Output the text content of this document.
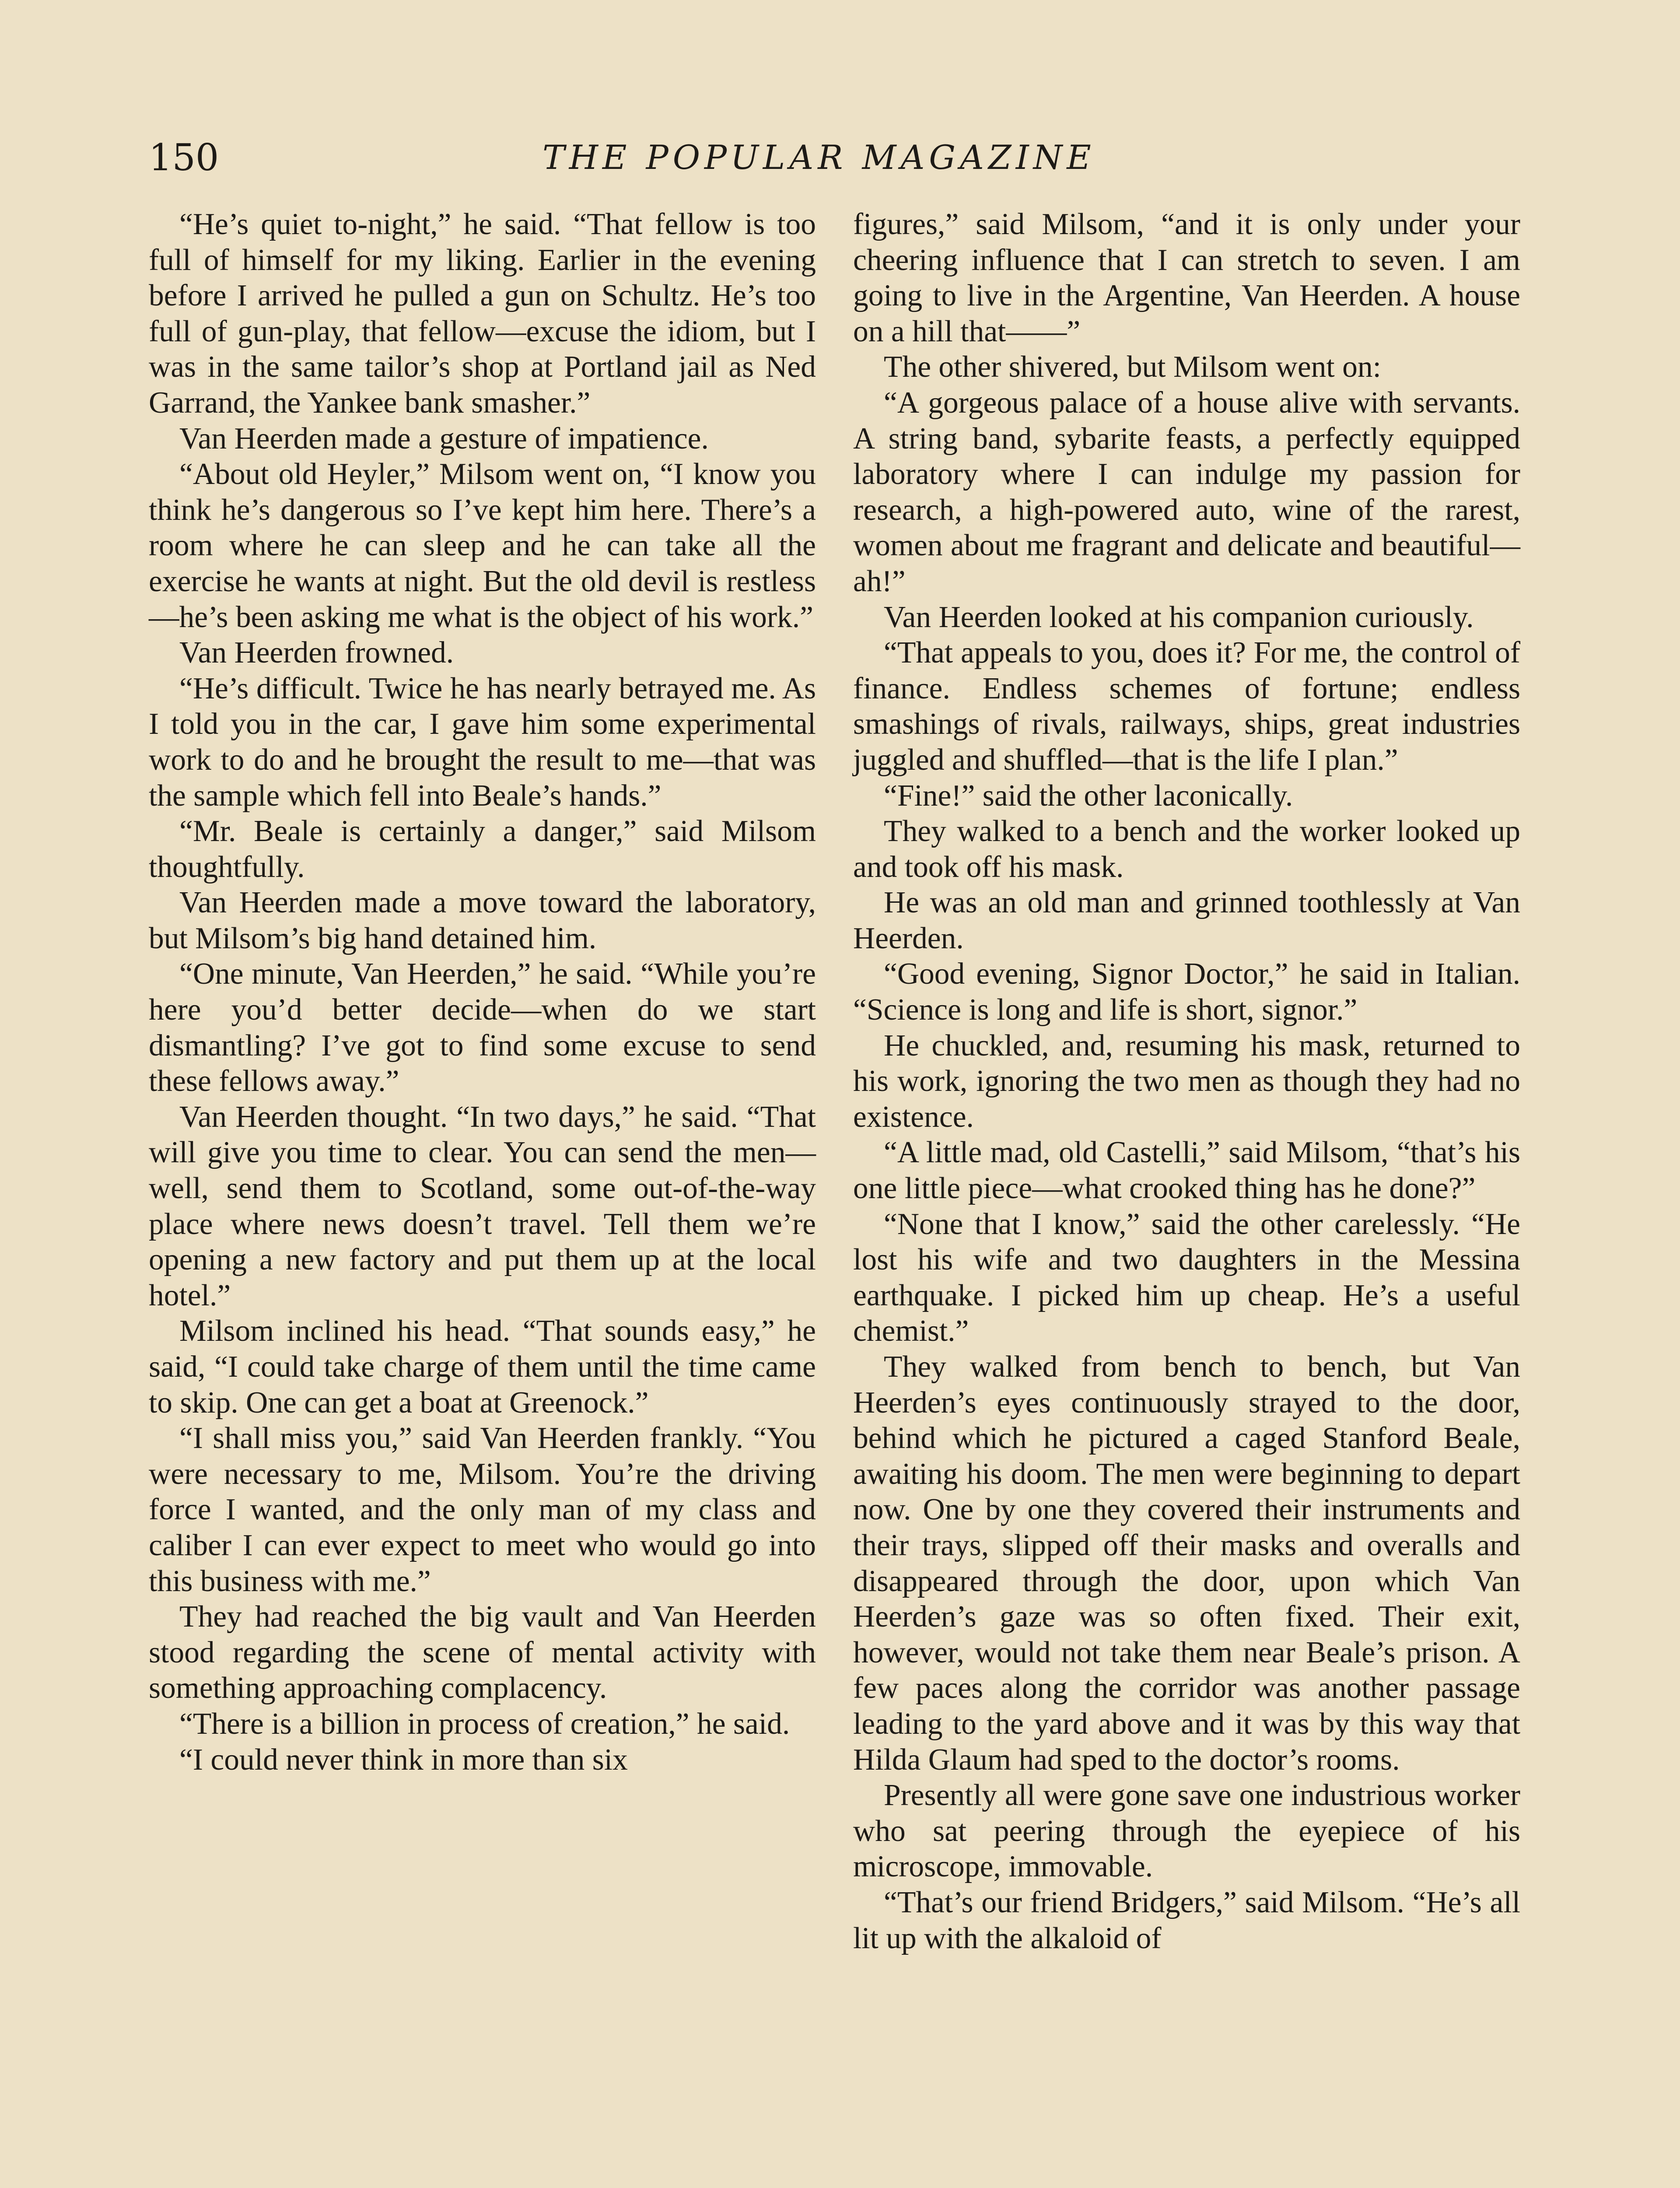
150	THE POPULAR MAGAZINE

“He’s quiet to-night,” he said. “That fellow is too full of himself for my liking. Earlier in the evening before I arrived he pulled a gun on Schultz. He’s too full of gun-play, that fellow—excuse the idiom, but I was in the same tailor’s shop at Portland jail as Ned Garrand, the Yankee bank smasher.”

Van Heerden made a gesture of impatience.

“About old Heyler,” Milsom went on, “I know you think he’s dangerous so I’ve kept him here. There’s a room where he can sleep and he can take all the exercise he wants at night. But the old devil is restless—he’s been asking me what is the object of his work.”

Van Heerden frowned.

“He’s difficult. Twice he has nearly betrayed me. As I told you in the car, I gave him some experimental work to do and he brought the result to me—that was the sample which fell into Beale’s hands.”

“Mr. Beale is certainly a danger,” said Milsom thoughtfully.

Van Heerden made a move toward the laboratory, but Milsom’s big hand detained him.

“One minute, Van Heerden,” he said. “While you’re here you’d better decide—when do we start dismantling? I’ve got to find some excuse to send these fellows away.”

Van Heerden thought. “In two days,” he said. “That will give you time to clear. You can send the men—well, send them to Scotland, some out-of-the-way place where news doesn’t travel. Tell them we’re opening a new factory and put them up at the local hotel.”

Milsom inclined his head. “That sounds easy,” he said, “I could take charge of them until the time came to skip. One can get a boat at Greenock.”

“I shall miss you,” said Van Heerden frankly. “You were necessary to me, Milsom. You’re the driving force I wanted, and the only man of my class and caliber I can ever expect to meet who would go into this business with me.”

They had reached the big vault and Van Heerden stood regarding the scene of mental activity with something approaching complacency.

“There is a billion in process of creation,” he said.

“I could never think in more than six

figures,” said Milsom, “and it is only under your cheering influence that I can stretch to seven. I am going to live in the Argentine, Van Heerden. A house on a hill that——”

The other shivered, but Milsom went on:

“A gorgeous palace of a house alive with servants. A string band, sybarite feasts, a perfectly equipped laboratory where I can indulge my passion for research, a high-powered auto, wine of the rarest, women about me fragrant and delicate and beautiful—ah!”

Van Heerden looked at his companion curiously.

“That appeals to you, does it? For me, the control of finance. Endless schemes of fortune; endless smashings of rivals, railways, ships, great industries juggled and shuffled—that is the life I plan.”

“Fine!” said the other laconically.

They walked to a bench and the worker looked up and took off his mask.

He was an old man and grinned toothlessly at Van Heerden.

“Good evening, Signor Doctor,” he said in Italian. “Science is long and life is short, signor.”

He chuckled, and, resuming his mask, returned to his work, ignoring the two men as though they had no existence.

“A little mad, old Castelli,” said Milsom, “that’s his one little piece—what crooked thing has he done?”

“None that I know,” said the other carelessly. “He lost his wife and two daughters in the Messina earthquake. I picked him up cheap. He’s a useful chemist.”

They walked from bench to bench, but Van Heerden’s eyes continuously strayed to the door, behind which he pictured a caged Stanford Beale, awaiting his doom. The men were beginning to depart now. One by one they covered their instruments and their trays, slipped off their masks and overalls and disappeared through the door, upon which Van Heerden’s gaze was so often fixed. Their exit, however, would not take them near Beale’s prison. A few paces along the corridor was another passage leading to the yard above and it was by this way that Hilda Glaum had sped to the doctor’s rooms.

Presently all were gone save one industrious worker who sat peering through the eyepiece of his microscope, immovable.

“That’s our friend Bridgers,” said Milsom. “He’s all lit up with the alkaloid of
